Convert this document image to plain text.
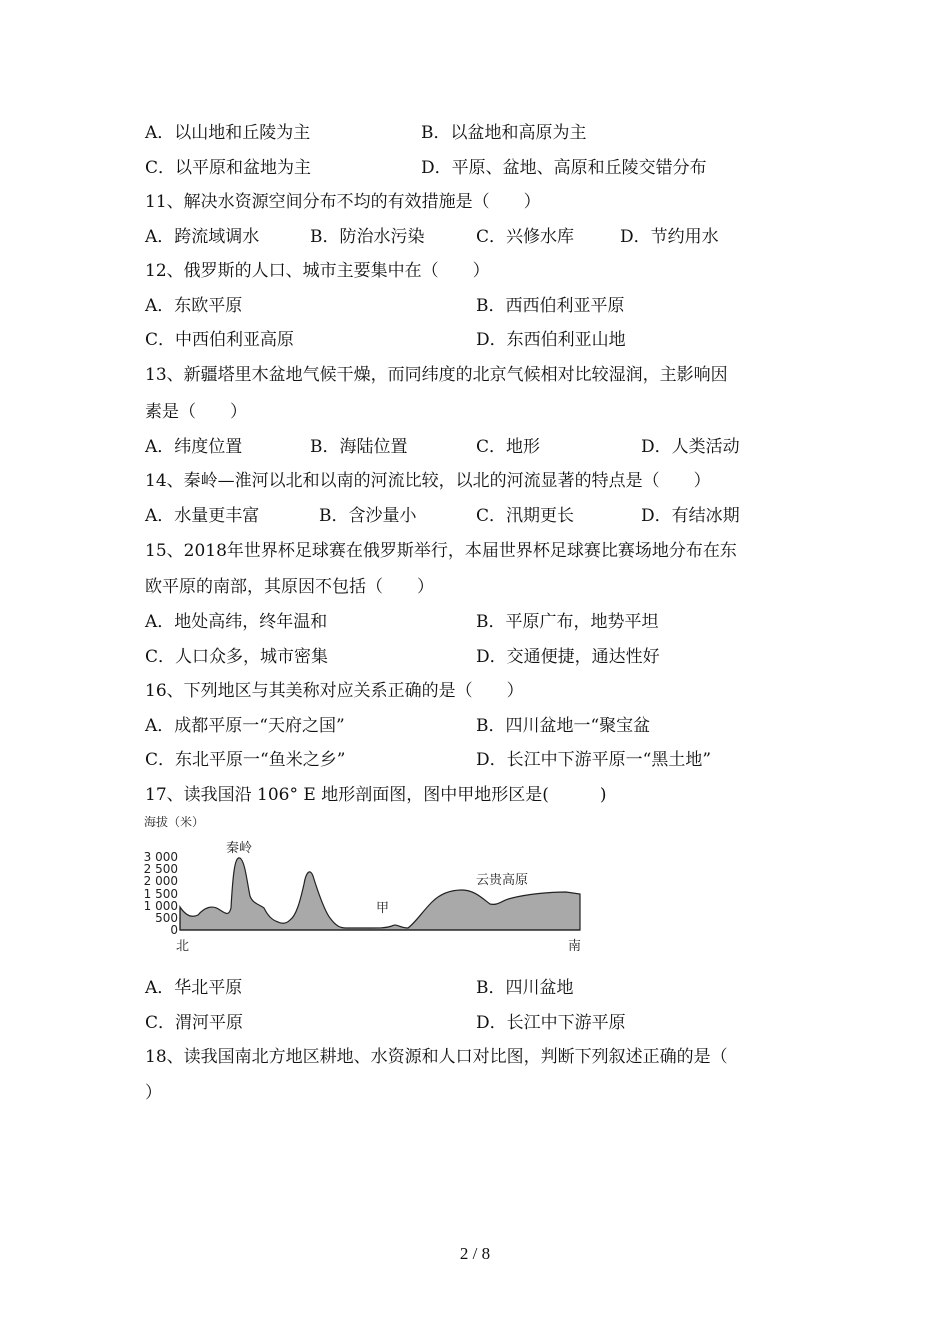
A．以山地和丘陵为主	B．以盆地和高原为主
C．以平原和盆地为主	D．平原、盆地、高原和丘陵交错分布
11、解决水资源空间分布不均的有效措施是（　　）
A．跨流域调水	B．防治水污染	C．兴修水库	D．节约用水
12、俄罗斯的人口、城市主要集中在（　　）
A．东欧平原	B．西西伯利亚平原
C．中西伯利亚高原	D．东西伯利亚山地
13、新疆塔里木盆地气候干燥，而同纬度的北京气候相对比较湿润，主影响因
素是（　　）
A．纬度位置	B．海陆位置	C．地形	D．人类活动
14、秦岭—淮河以北和以南的河流比较，以北的河流显著的特点是（　　）
A．水量更丰富	B．含沙量小	C．汛期更长	D．有结冰期
15、2018年世界杯足球赛在俄罗斯举行，本届世界杯足球赛比赛场地分布在东
欧平原的南部，其原因不包括（　　）
A．地处高纬，终年温和	B．平原广布，地势平坦
C．人口众多，城市密集	D．交通便捷，通达性好
16、下列地区与其美称对应关系正确的是（　　）
A．成都平原一“天府之国”	B．四川盆地一“聚宝盆
C．东北平原一“鱼米之乡”	D．长江中下游平原一“黑土地”
17、读我国沿 106° E 地形剖面图，图中甲地形区是(　　　)
海拔（米）
3 000
2 500
2 000
1 500
1 000
500
0
秦岭
甲
云贵高原
北	南
A．华北平原	B．四川盆地
C．渭河平原	D．长江中下游平原
18、读我国南北方地区耕地、水资源和人口对比图，判断下列叙述正确的是（
）
2 / 8
